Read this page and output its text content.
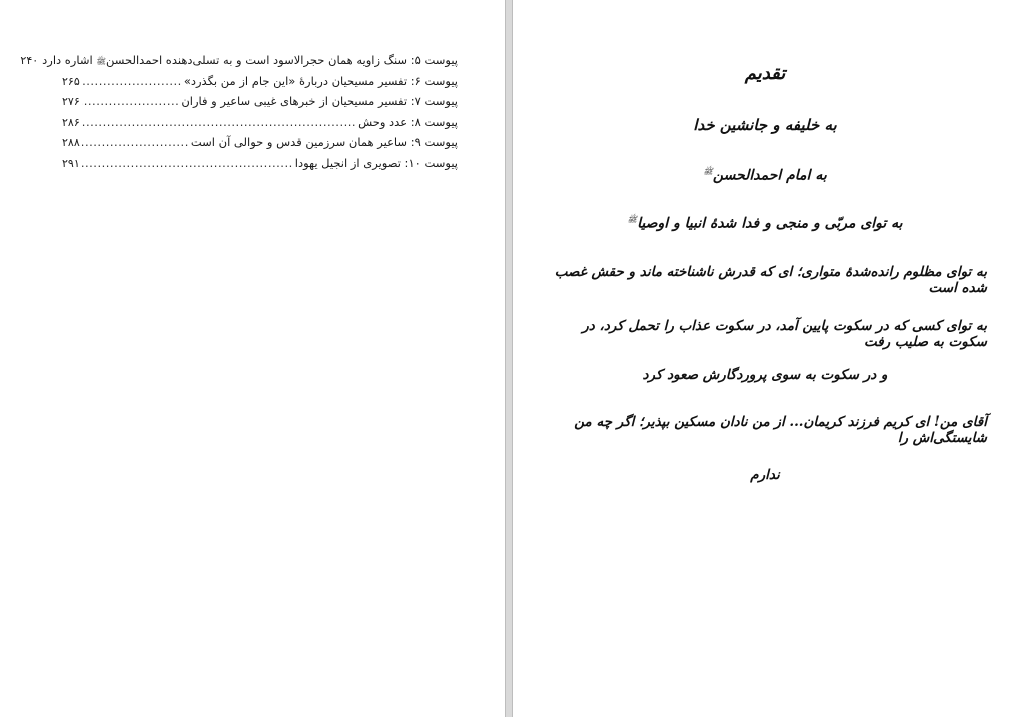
پیوست ۵: سنگ زاویه همان حجرالاسود است و به تسلی‌دهنده احمدالحسنﷺ اشاره دارد
۲۴۰
پیوست ۶: تفسیر مسیحیان دربارهٔ «این جام از من بگذرد»
.....
۲۶۵
پیوست ۷: تفسیر مسیحیان از خبرهای غیبی ساعیر و فاران
.....
۲۷۶
پیوست ۸: عدد وحش
.....
۲۸۶
پیوست ۹: ساعیر همان سرزمین قدس و حوالی آن است
.....
۲۸۸
پیوست ۱۰: تصویری از انجیل یهودا
.....
۲۹۱
تقدیم
به خلیفه و جانشین خدا
به امام احمدالحسن$^ﷺ$
به توای مربّی و منجی و فدا شدهٔ انبیا و اوصیا$^ﷺ$
به توای مظلوم رانده‌شدهٔ متواری؛ ای که قدرش ناشناخته ماند و حقش غصب شده است
به توای کسی که در سکوت پایین آمد، در سکوت عذاب را تحمل کرد، در سکوت به صلیب رفت
و در سکوت به سوی پروردگارش صعود کرد
آقای من! ای کریم فرزند کریمان... از من نادان مسکین بپذیر؛ اگر چه من شایستگی‌اش را
ندارم
